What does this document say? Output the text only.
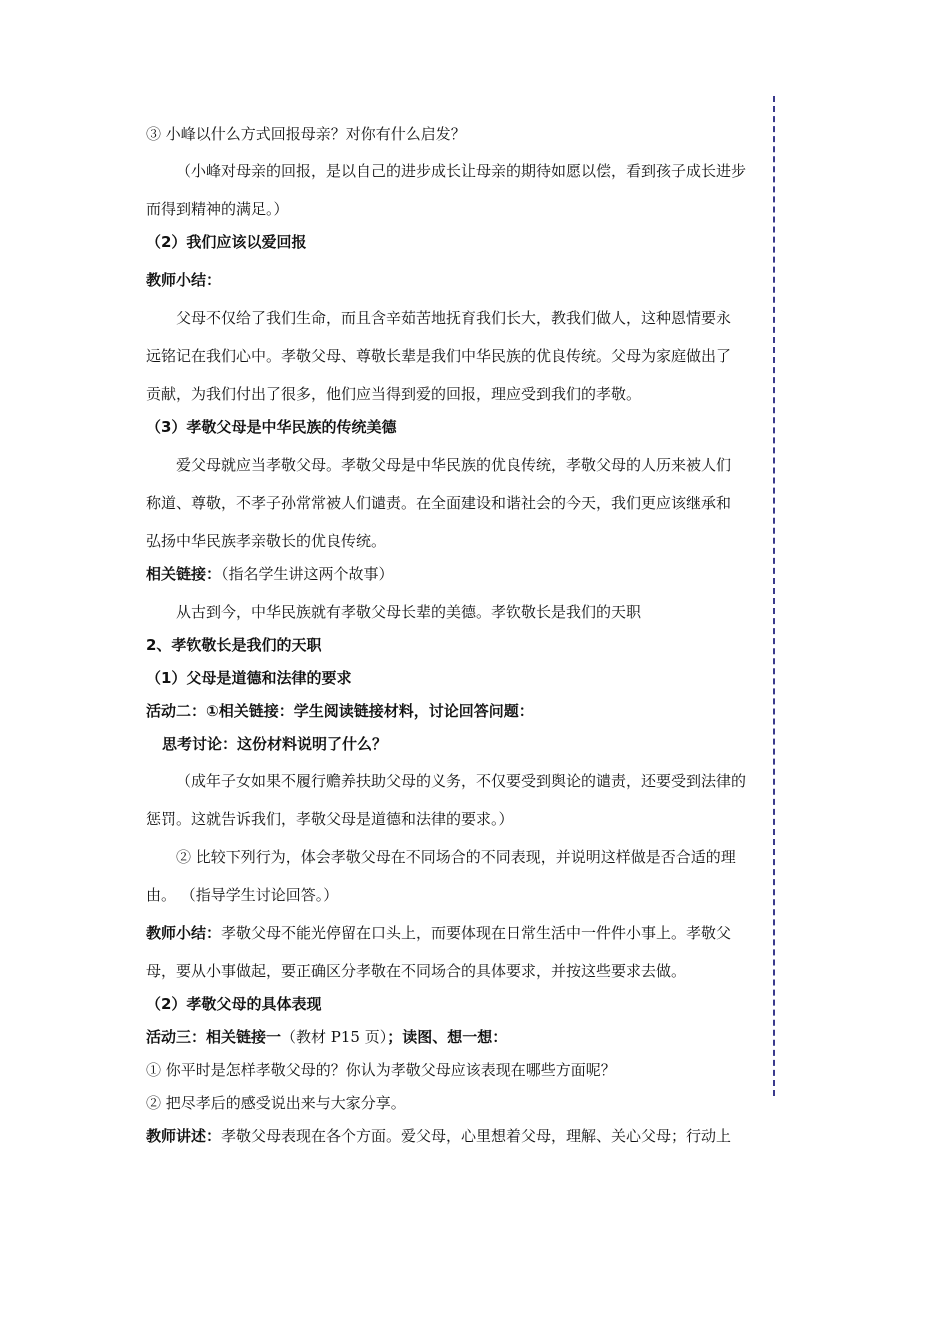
③ 小峰以什么方式回报母亲？对你有什么启发？
（小峰对母亲的回报，是以自己的进步成长让母亲的期待如愿以偿，看到孩子成长进步
而得到精神的满足。）
（2）我们应该以爱回报
教师小结：
父母不仅给了我们生命，而且含辛茹苦地抚育我们长大，教我们做人，这种恩情要永
远铭记在我们心中。孝敬父母、尊敬长辈是我们中华民族的优良传统。父母为家庭做出了
贡献，为我们付出了很多，他们应当得到爱的回报，理应受到我们的孝敬。
（3）孝敬父母是中华民族的传统美德
爱父母就应当孝敬父母。孝敬父母是中华民族的优良传统，孝敬父母的人历来被人们
称道、尊敬，不孝子孙常常被人们谴责。在全面建设和谐社会的今天，我们更应该继承和
弘扬中华民族孝亲敬长的优良传统。
相关链接：（指名学生讲这两个故事）
从古到今，中华民族就有孝敬父母长辈的美德。孝钦敬长是我们的天职
2、孝钦敬长是我们的天职
（1）父母是道德和法律的要求
活动二：①相关链接：学生阅读链接材料，讨论回答问题：
思考讨论：这份材料说明了什么？
（成年子女如果不履行赡养扶助父母的义务，不仅要受到舆论的谴责，还要受到法律的
惩罚。这就告诉我们，孝敬父母是道德和法律的要求。）
② 比较下列行为，体会孝敬父母在不同场合的不同表现，并说明这样做是否合适的理
由。 （指导学生讨论回答。）
教师小结：孝敬父母不能光停留在口头上，而要体现在日常生活中一件件小事上。孝敬父
母，要从小事做起，要正确区分孝敬在不同场合的具体要求，并按这些要求去做。
（2）孝敬父母的具体表现
活动三：相关链接一（教材 P15 页）；读图、想一想：
① 你平时是怎样孝敬父母的？你认为孝敬父母应该表现在哪些方面呢？
② 把尽孝后的感受说出来与大家分享。
教师讲述：孝敬父母表现在各个方面。爱父母，心里想着父母，理解、关心父母；行动上
